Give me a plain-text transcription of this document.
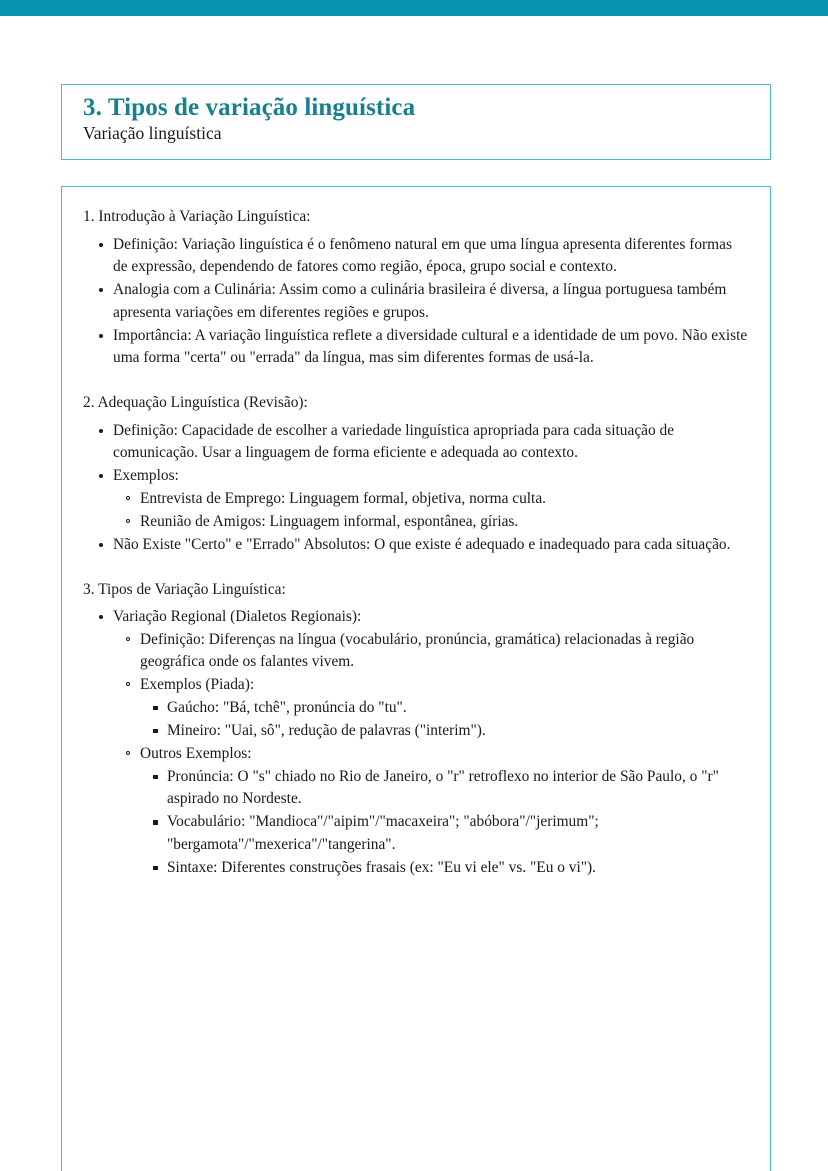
3. Tipos de variação linguística
Variação linguística
1. Introdução à Variação Linguística:
Definição: Variação linguística é o fenômeno natural em que uma língua apresenta diferentes formas de expressão, dependendo de fatores como região, época, grupo social e contexto.
Analogia com a Culinária: Assim como a culinária brasileira é diversa, a língua portuguesa também apresenta variações em diferentes regiões e grupos.
Importância: A variação linguística reflete a diversidade cultural e a identidade de um povo. Não existe uma forma "certa" ou "errada" da língua, mas sim diferentes formas de usá-la.
2. Adequação Linguística (Revisão):
Definição: Capacidade de escolher a variedade linguística apropriada para cada situação de comunicação. Usar a linguagem de forma eficiente e adequada ao contexto.
Exemplos:
Entrevista de Emprego: Linguagem formal, objetiva, norma culta.
Reunião de Amigos: Linguagem informal, espontânea, gírias.
Não Existe "Certo" e "Errado" Absolutos: O que existe é adequado e inadequado para cada situação.
3. Tipos de Variação Linguística:
Variação Regional (Dialetos Regionais):
Definição: Diferenças na língua (vocabulário, pronúncia, gramática) relacionadas à região geográfica onde os falantes vivem.
Exemplos (Piada):
Gaúcho: "Bá, tchê", pronúncia do "tu".
Mineiro: "Uai, sô", redução de palavras ("interim").
Outros Exemplos:
Pronúncia: O "s" chiado no Rio de Janeiro, o "r" retroflexo no interior de São Paulo, o "r" aspirado no Nordeste.
Vocabulário: "Mandioca"/"aipim"/"macaxeira"; "abóbora"/"jerimum"; "bergamota"/"mexerica"/"tangerina".
Sintaxe: Diferentes construções frasais (ex: "Eu vi ele" vs. "Eu o vi").
